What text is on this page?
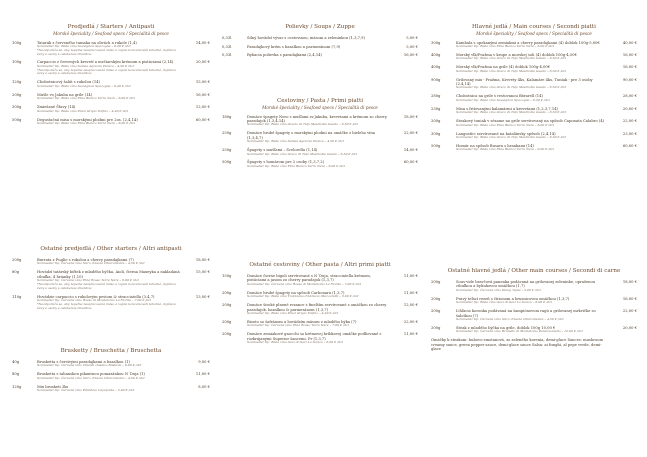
Predjedlá / Starters / Antipasti
Morské špeciality / Seafood specs / Specialità di pesce
100g	Tatarák z červeného tuniaka na olivách a rukole (1,4)
Sommelier tip: Biele víno Sauvignon Specogna – 6,20 € /dcl
*Neodporúča sa, aby tepelne nespracované mäso a vajcia konzumovali tehotné, dojčiace ženy a osoby s oslabenou imunitou
14,00 €
100g	Carpaccio z červených krevetí a mečiarským krémom a pistáciami (2,14)
Sommelier tip: Biele víno Samas Agricola Punica – 4,50 € /dcl
*Neodporúča sa, aby tepelne nespracované mäso a vajcia konzumovali tehotné, dojčiace ženy a osoby s oslabenou imunitou
20,00 €
120g	Chobotnicový šalát s rukolou (14)
Sommelier tip: Biele víno Sauvignon Specogna – 6,20 € /dcl
15,00 €
200g	Mušle vo Jakuba na grile (14)
Sommelier tip: Biele víno Etna Bianco Terre Nere – 6,00 € /dcl
16,00 €
300g	Zmiešané Šťavy (14)
Sommelier tip: Biele víno Pinot Grigio Tolfino – 4,20 € /dcl
12,00 €
500g	Degustačná misa s morskými plodmi pre 2os. (2,4,14)
Sommelier tip: Biele víno Etna Bianco Terre Nere – 6,00 € /dcl
60,00 €
Ostatné predjedlá / Other starters / Altri antipasti
200g	Burrata z Puglie s rukolou a cherry paradajkami (7)
Sommelier tip: Červené víno Nero d'Avola Chiaramonte – 4,50 € /dcl
18,00 €
80g	Hovädzí tatárský biftek z mladého býčka, Aioli, čierna Maxeyka a nakladaná cibuľka, 4 hrianky (1,10)
Sommelier tip: Červené víno Etna Rosso Terre Nere – 6,00 € /dcl
*Neodporúča sa, aby tepelne nespracované mäso a vajcia konzumovali tehotné, dojčiace ženy a osoby s oslabenou imunitou
15,00 €
110g	Hovädzie carpaccio s rukolovým pestom & stracciatella (3,4,7)
Sommelier tip: Červené víno Rosso di Montalcino La Fiorita – 7,00 € /dcl
*Neodporúča sa, aby tepelne nespracované mäso a vajcia konzumovali tehotné, dojčiace ženy a osoby s oslabenou imunitou
13,00 €
Brusketty / Bruschetta / Bruschetta
40g	Brusketta s čerstvými paradajkami a bazalkou (1)
Sommelier tip: Červené víno Chianti classico Bastioni – 6,00 € /dcl
9,00 €
80g	Brusketta s talianskou pikantnou pomazánkou N´Duja (1)
Sommelier tip: Červené víno Nero d'Avola Chiaramonte – 4,50 € /dcl
11,00 €
120g	Mix brusketi 3ks
Sommelier tip: Červené víno Primitivo Capofonte – 5,00 € /dcl
8,00 €
Polievky / Soups / Zuppe
0,33l	Silný hovädzí vývar s cestovinou, mäsom a zeleninkou (1,3,7,9)	5,00 €
0,33l	Paradajkový krém s bazalkou a parmezánom (7,9)	5,00 €
0,33l	Rybacia polievka s paradajkami (2,4,14)	16,00 €
Cestoviny / Pasta / Primi piatti
Morské špeciality / Seafood specs / Specialità di pesce
180g	Domáce špagety Nero s mušľami sv.Jakuba, krevetami a krémom zo cherry paradajok (1,3,4,14)
Sommelier tip: Biele víno Grecio di Tufo Mastrodia Guado – 6,50 € /dcl
18,00 €
250g	Domáce hrubé špagety s morskými plodmi na omáčke z bieleho vína (1,3,4,7)
Sommelier tip: Biele víno Samas Agricola Punica – 4,50 € /dcl
22,00 €
250g	Špagety s mušľami – Scelorella (1,14)
Sommelier tip: Biele víno Greco di Tufo Mastrodia Guado – 6,50 € /dcl
14,00 €
500g	Špagety s homárom pre 2 osoby (1,3,7,2)
Sommelier tip: Biele víno Etna Bianco Terre Nere – 6,00 € /dcl
60,00 €
Ostatné cestoviny / Other pasta / Altri primi piatti
150g	Domáce čierne bigoli servírované s N´Duja, stracciatella krémom, pistáciami a jasom zo cherry paradajok (1,3,7)
Sommelier tip: Červené víno Rosso di Montalcino La Fiorita – 7,00 € /dcl
11,00 €
200g	Domáce hrubé špagety na spôsob Carbonara (1,3,7)
Sommelier tip: Biele víno Trebbiano d'Abruzzo Maccaretti – 5,00 € /dcl
11,00 €
200g	Domáce široké plnené rezance s finelším servírované s omáčkou zo cherry paradajok, bazalkou & parmezánom (1,3,7)
Sommelier tip: Biele víno Pinot Grigio Tolfino – 4,20 € /dcl
12,00 €
200g	Rizoto so šafránom a hovädzím mäsom z mladého býka (7)
Sommelier tip: Červené víno Etna Rosso Terre Nere – 7,00 € /dcl
22,00 €
200g	Domáce zemiakové gnocchi so krémovej hríbkovej omáčke podlievané s rozkrájanými Superior šancemi. Pr (1,3,7)
Sommelier tip: Biele víno Gavi di Gavi La Scolca – 6,00 € /dcl
11,00 €
Hlavné jedlá / Main courses / Secondi piatti
Morské špeciality / Seafood specs / Specialità di pesce
300g	Kambala s opekanými zemiakmi a cherry paradajkami (4) doblok 100g-5,00€
Sommelier tip: Biele víno Etna Bianco Terre Nere – 6,00 € /dcl
40,00 €
400g	Morský vlk/Pražma v krupe a morskej soli (4) doblok 100g-4,50€
Sommelier tip: Biele víno Greco di Tufo Mastrodia Guado – 6,50 € /dcl
16,00 €
400g	Morský vlk/Pražma na grile (4) doblok 100g-4,00€
Sommelier tip: Biele víno Greco di Tufo Mastrodia Guado – 6,50 € /dcl
16,00 €
900g	Grilovaný mix - Pražma, Krevety 4ks, Kalamáre 4ks, Tuniak - pre 3 osoby (2,4,14)
Sommelier tip: Biele víno Greco di Tufo Mastrodia Guado – 6,50 € /dcl
90,00 €
280g	Chobotnica na grile s restovanou fibrarell (14)
Sommelier tip: Biele víno Sauvignon Specogna – 6,20 € /dcl
28,00 €
230g	Misa s fritovanými kalamármi a krevetami (1,2,3,7,14)
Sommelier tip: Biele víno Greco di Tufo Mastrodia Guado – 6,50 € /dcl
20,00 €
200g	Steakový tuniak v sézame na grile servírovaný na spôsob Caponata Calabro (4)
Sommelier tip: Biele víno Etna Bianco Terre Nere – 6,00 € /dcl
22,00 €
300g	Langustíci servírované na katalánsky spôsob (2,4,14)
Sommelier tip: Biele víno Greco di Tufo Mastrodia Guado – 6,50 € /dcl
23,00 €
500g	Homár na spôsob Busara s hrankami (14)
Sommelier tip: Biele víno Etna Bianco Terre Nere – 6,00 € /dcl
60,00 €
Ostatné hlavné jedlá / Other main courses / Secondi di carne
200g	Sous-vide bravčová panenka podávaná na grilovanej zeleninke, opraženou cibuľkou a bylinkovou omáčkou (1,7)
Sommelier tip: Červené víno Dunaj Tajná – 5,00 € /dcl
18,00 €
200g	Pravý teľací rezeň s čírionom a brusnicovou omáčkou (1,3,7)
Sommelier tip: Biele víno Gavi di Gavi La Scolca – 6,00 € /dcl
16,00 €
200g	Ichľacia koronka podávaná na šampiónovom ragú a grilovanej mrkvičke so šalotkou (7)
Sommelier tip: Červené víno Nero d'Avola Chiaramonte – 4,50 € /dcl
22,00 €
200g	Steak z mladého býčka na grile, doblok 100g 10,00 €
Sommelier tip: Červené víno Brunello di Montalcino Paniccioniello – 12,00 € /dcl
20,00 €
Omáčky k steakom: hubovo-smotanová, zo zeleného korenia, demi-glace Sauces: mushroom creamy sauce, green pepper sauce, demi-glace sauce Salsa: ai funghi, al pepe verde, demi-glace
